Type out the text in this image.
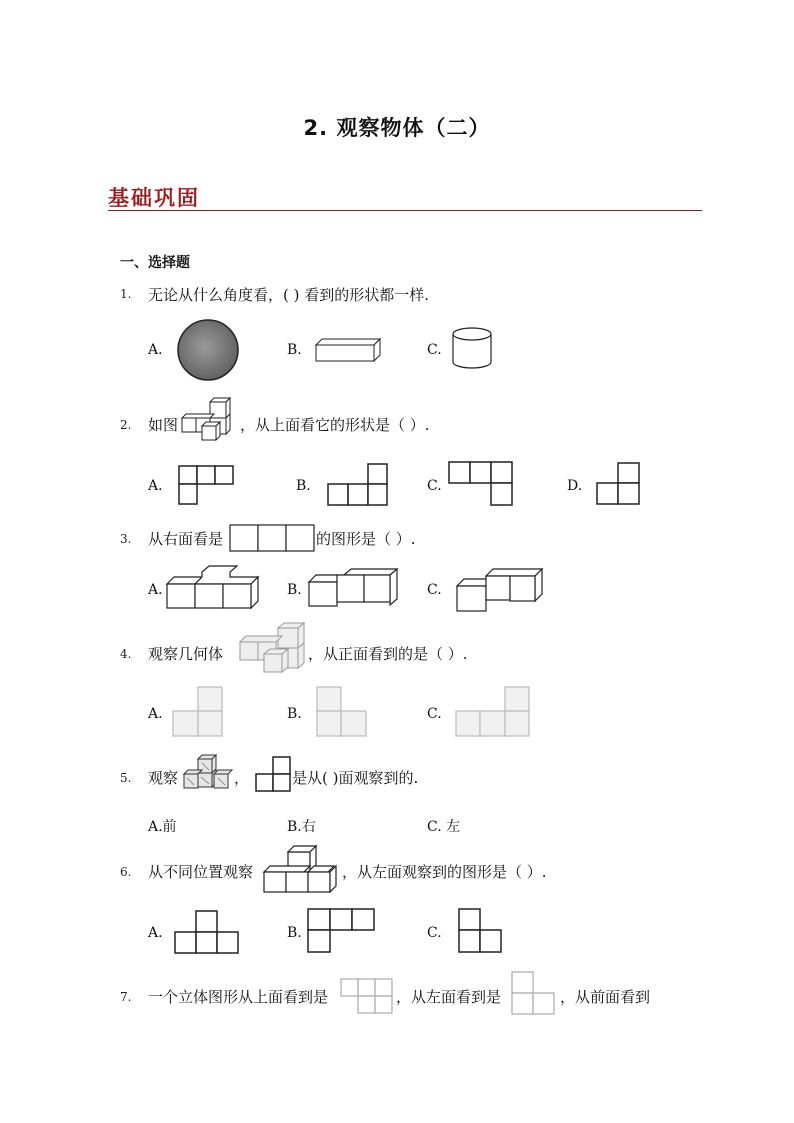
2. 观察物体（二）
基础巩固
一、选择题
1. 无论从什么角度看，( ) 看到的形状都一样.
A.	B.	C.
2. 如图	，从上面看它的形状是（ ）.
A.	B.	C.	D.
3. 从右面看是	的图形是（ ）.
A.	B.	C.
4. 观察几何体	，从正面看到的是（ ）.
A.	B.	C.
5. 观察	，	是从( )面观察到的.
A.前	B.右	C. 左
6. 从不同位置观察	，从左面观察到的图形是（ ）.
A.	B.	C.
7. 一个立体图形从上面看到是	，从左面看到是	，从前面看到
